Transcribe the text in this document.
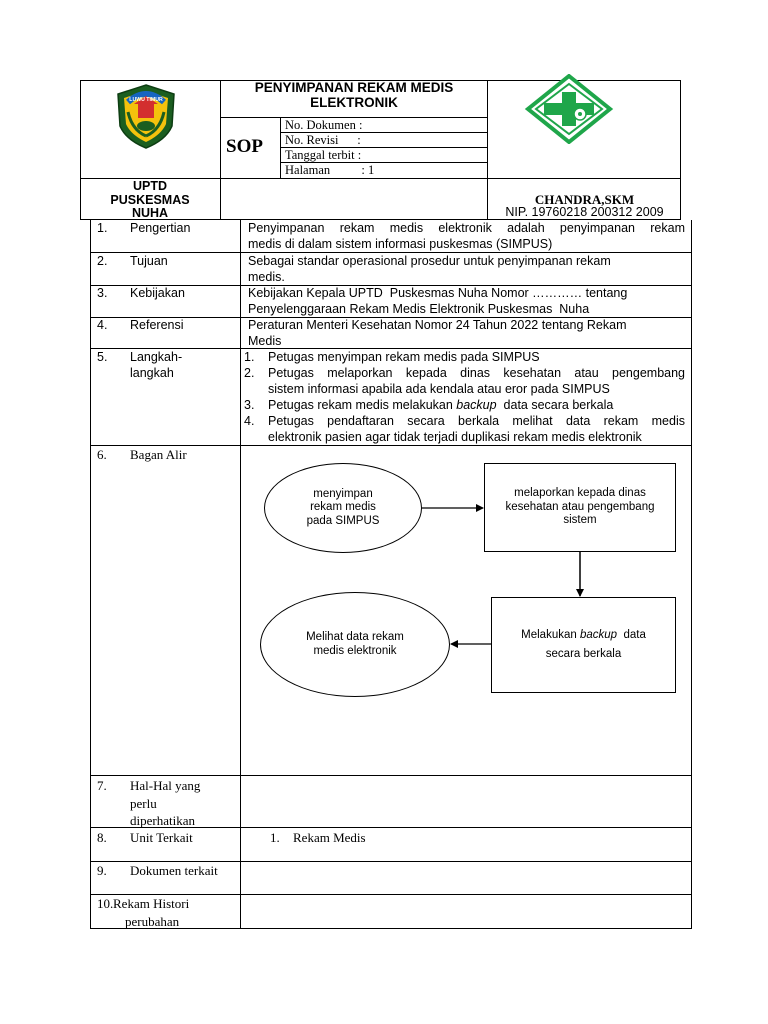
LUWU TIMUR
PENYIMPANAN REKAM MEDIS
ELEKTRONIK
SOP
No. Dokumen :
No. Revisi      :
Tanggal terbit :
Halaman          : 1
UPTD
PUSKESMAS
NUHA
CHANDRA,SKM
NIP. 19760218 200312 2009
1. Pengertian	Penyimpanan rekam medis elektronik adalah penyimpanan rekam
medis di dalam sistem informasi puskesmas (SIMPUS)
2. Tujuan	Sebagai standar operasional prosedur untuk penyimpanan rekam
medis.
3. Kebijakan	Kebijakan Kepala UPTD  Puskesmas Nuha Nomor ………… tentang
Penyelenggaraan Rekam Medis Elektronik Puskesmas  Nuha
4. Referensi	Peraturan Menteri Kesehatan Nomor 24 Tahun 2022 tentang Rekam
Medis
5. Langkah-
langkah
1. Petugas menyimpan rekam medis pada SIMPUS
2. Petugas melaporkan kepada dinas kesehatan atau pengembang
sistem informasi apabila ada kendala atau eror pada SIMPUS
3. Petugas rekam medis melakukan backup  data secara berkala
4. Petugas pendaftaran secara berkala melihat data rekam medis
elektronik pasien agar tidak terjadi duplikasi rekam medis elektronik
6. Bagan Alir
menyimpan
rekam medis
pada SIMPUS
melaporkan kepada dinas
kesehatan atau pengembang
sistem
Melakukan backup  data
secara berkala
Melihat data rekam
medis elektronik
7. Hal-Hal yang
perlu
diperhatikan
8. Unit Terkait	1. Rekam Medis
9. Dokumen terkait
10. Rekam Histori
perubahan
